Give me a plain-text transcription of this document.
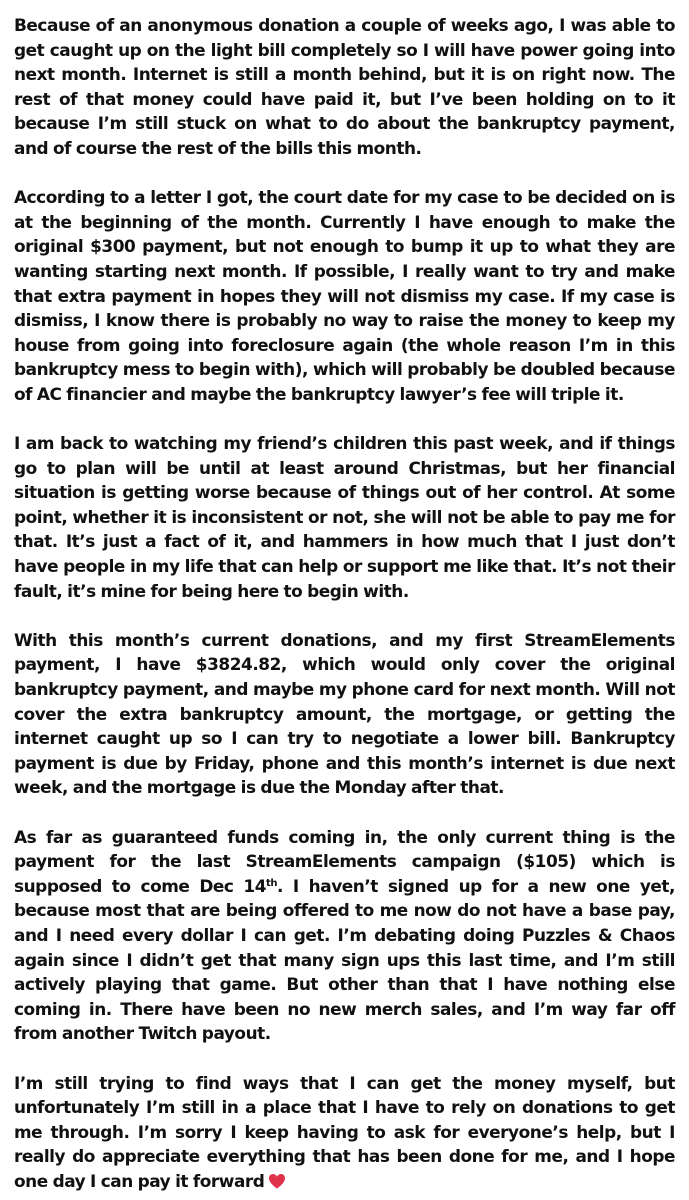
Because of an anonymous donation a couple of weeks ago, I was able to get caught up on the light bill completely so I will have power going into next month. Internet is still a month behind, but it is on right now. The rest of that money could have paid it, but I’ve been holding on to it because I’m still stuck on what to do about the bankruptcy payment, and of course the rest of the bills this month.

According to a letter I got, the court date for my case to be decided on is at the beginning of the month. Currently I have enough to make the original $300 payment, but not enough to bump it up to what they are wanting starting next month. If possible, I really want to try and make that extra payment in hopes they will not dismiss my case. If my case is dismiss, I know there is probably no way to raise the money to keep my house from going into foreclosure again (the whole reason I’m in this bankruptcy mess to begin with), which will probably be doubled because of AC financier and maybe the bankruptcy lawyer’s fee will triple it.

I am back to watching my friend’s children this past week, and if things go to plan will be until at least around Christmas, but her financial situation is getting worse because of things out of her control. At some point, whether it is inconsistent or not, she will not be able to pay me for that. It’s just a fact of it, and hammers in how much that I just don’t have people in my life that can help or support me like that. It’s not their fault, it’s mine for being here to begin with.

With this month’s current donations, and my first StreamElements payment, I have $3824.82, which would only cover the original bankruptcy payment, and maybe my phone card for next month. Will not cover the extra bankruptcy amount, the mortgage, or getting the internet caught up so I can try to negotiate a lower bill. Bankruptcy payment is due by Friday, phone and this month’s internet is due next week, and the mortgage is due the Monday after that.

As far as guaranteed funds coming in, the only current thing is the payment for the last StreamElements campaign ($105) which is supposed to come Dec 14th. I haven’t signed up for a new one yet, because most that are being offered to me now do not have a base pay, and I need every dollar I can get. I’m debating doing Puzzles & Chaos again since I didn’t get that many sign ups this last time, and I’m still actively playing that game. But other than that I have nothing else coming in. There have been no new merch sales, and I’m way far off from another Twitch payout.

I’m still trying to find ways that I can get the money myself, but unfortunately I’m still in a place that I have to rely on donations to get me through. I’m sorry I keep having to ask for everyone’s help, but I really do appreciate everything that has been done for me, and I hope one day I can pay it forward
